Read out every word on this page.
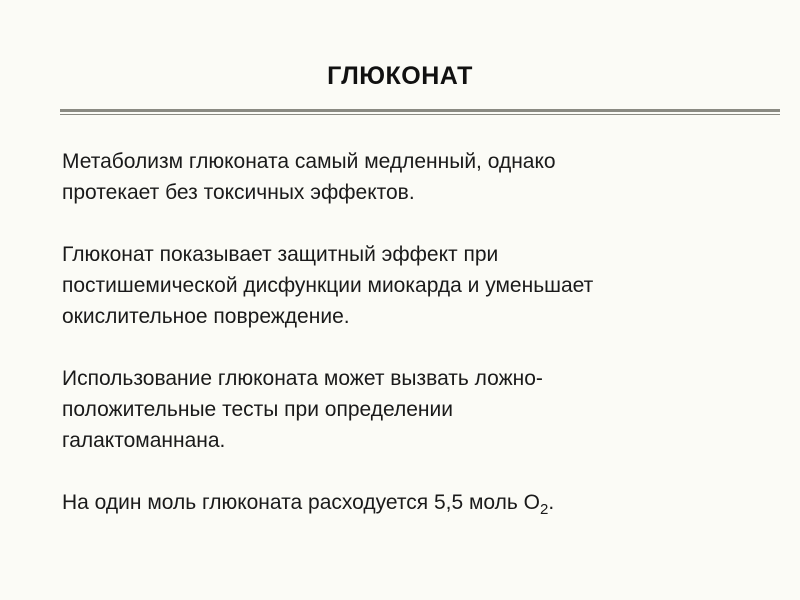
ГЛЮКОНАТ

Метаболизм глюконата самый медленный, однако
протекает без токсичных эффектов.

Глюконат показывает защитный эффект при
постишемической дисфункции миокарда и уменьшает
окислительное повреждение.

Использование глюконата может вызвать ложно-
положительные тесты при определении
галактоманнана.

На один моль глюконата расходуется 5,5 моль $О_2$.
